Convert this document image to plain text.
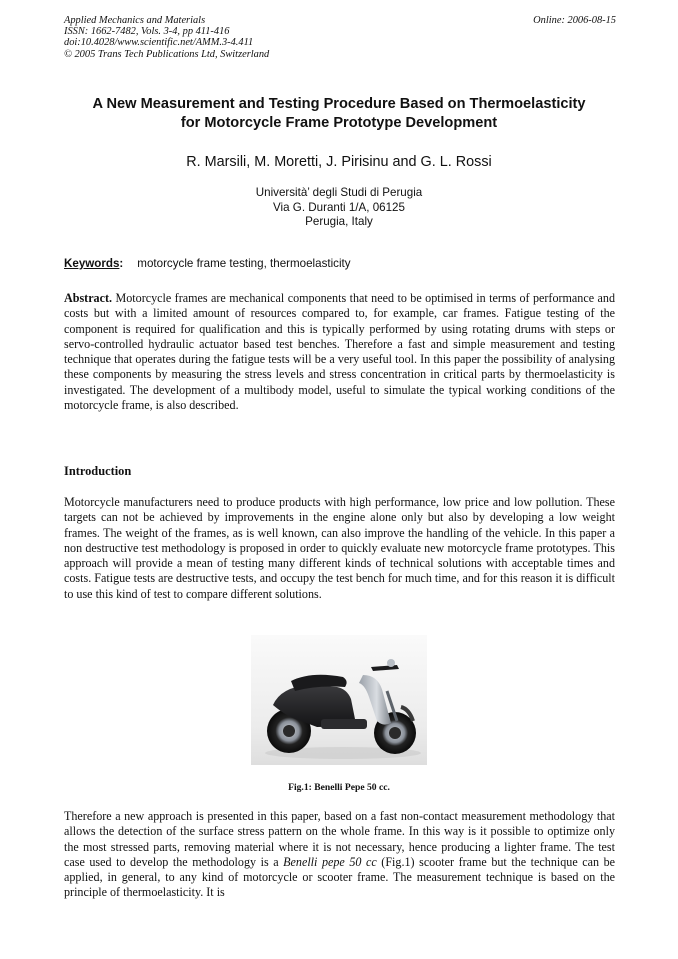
Applied Mechanics and Materials
ISSN: 1662-7482, Vols. 3-4, pp 411-416
doi:10.4028/www.scientific.net/AMM.3-4.411
© 2005 Trans Tech Publications Ltd, Switzerland
Online: 2006-08-15
A New Measurement and Testing Procedure Based on Thermoelasticity
for Motorcycle Frame Prototype Development
R. Marsili, M. Moretti, J. Pirisinu and G. L. Rossi
Università’ degli Studi di Perugia
Via G. Duranti 1/A, 06125
Perugia, Italy
Keywords: motorcycle frame testing, thermoelasticity

Abstract. Motorcycle frames are mechanical components that need to be optimised in terms of performance and costs but with a limited amount of resources compared to, for example, car frames. Fatigue testing of the component is required for qualification and this is typically performed by using rotating drums with steps or servo-controlled hydraulic actuator based test benches. Therefore a fast and simple measurement and testing technique that operates during the fatigue tests will be a very useful tool. In this paper the possibility of analysing these components by measuring the stress levels and stress concentration in critical parts by thermoelasticity is investigated. The development of a multibody model, useful to simulate the typical working conditions of the motorcycle frame, is also described.

Introduction

Motorcycle manufacturers need to produce products with high performance, low price and low pollution. These targets can not be achieved by improvements in the engine alone only but also by developing a low weight frames. The weight of the frames, as is well known, can also improve the handling of the vehicle. In this paper a non destructive test methodology is proposed in order to quickly evaluate new motorcycle frame prototypes. This approach will provide a mean of testing many different kinds of technical solutions with acceptable times and costs. Fatigue tests are destructive tests, and occupy the test bench for much time, and for this reason it is difficult to use this kind of test to compare different solutions.

Fig.1: Benelli Pepe 50 cc.

Therefore a new approach is presented in this paper, based on a fast non-contact measurement methodology that allows the detection of the surface stress pattern on the whole frame. In this way is it possible to optimize only the most stressed parts, removing material where it is not necessary, hence producing a lighter frame. The test case used to develop the methodology is a Benelli pepe 50 cc (Fig.1) scooter frame but the technique can be applied, in general, to any kind of motorcycle or scooter frame. The measurement technique is based on the principle of thermoelasticity. It is
